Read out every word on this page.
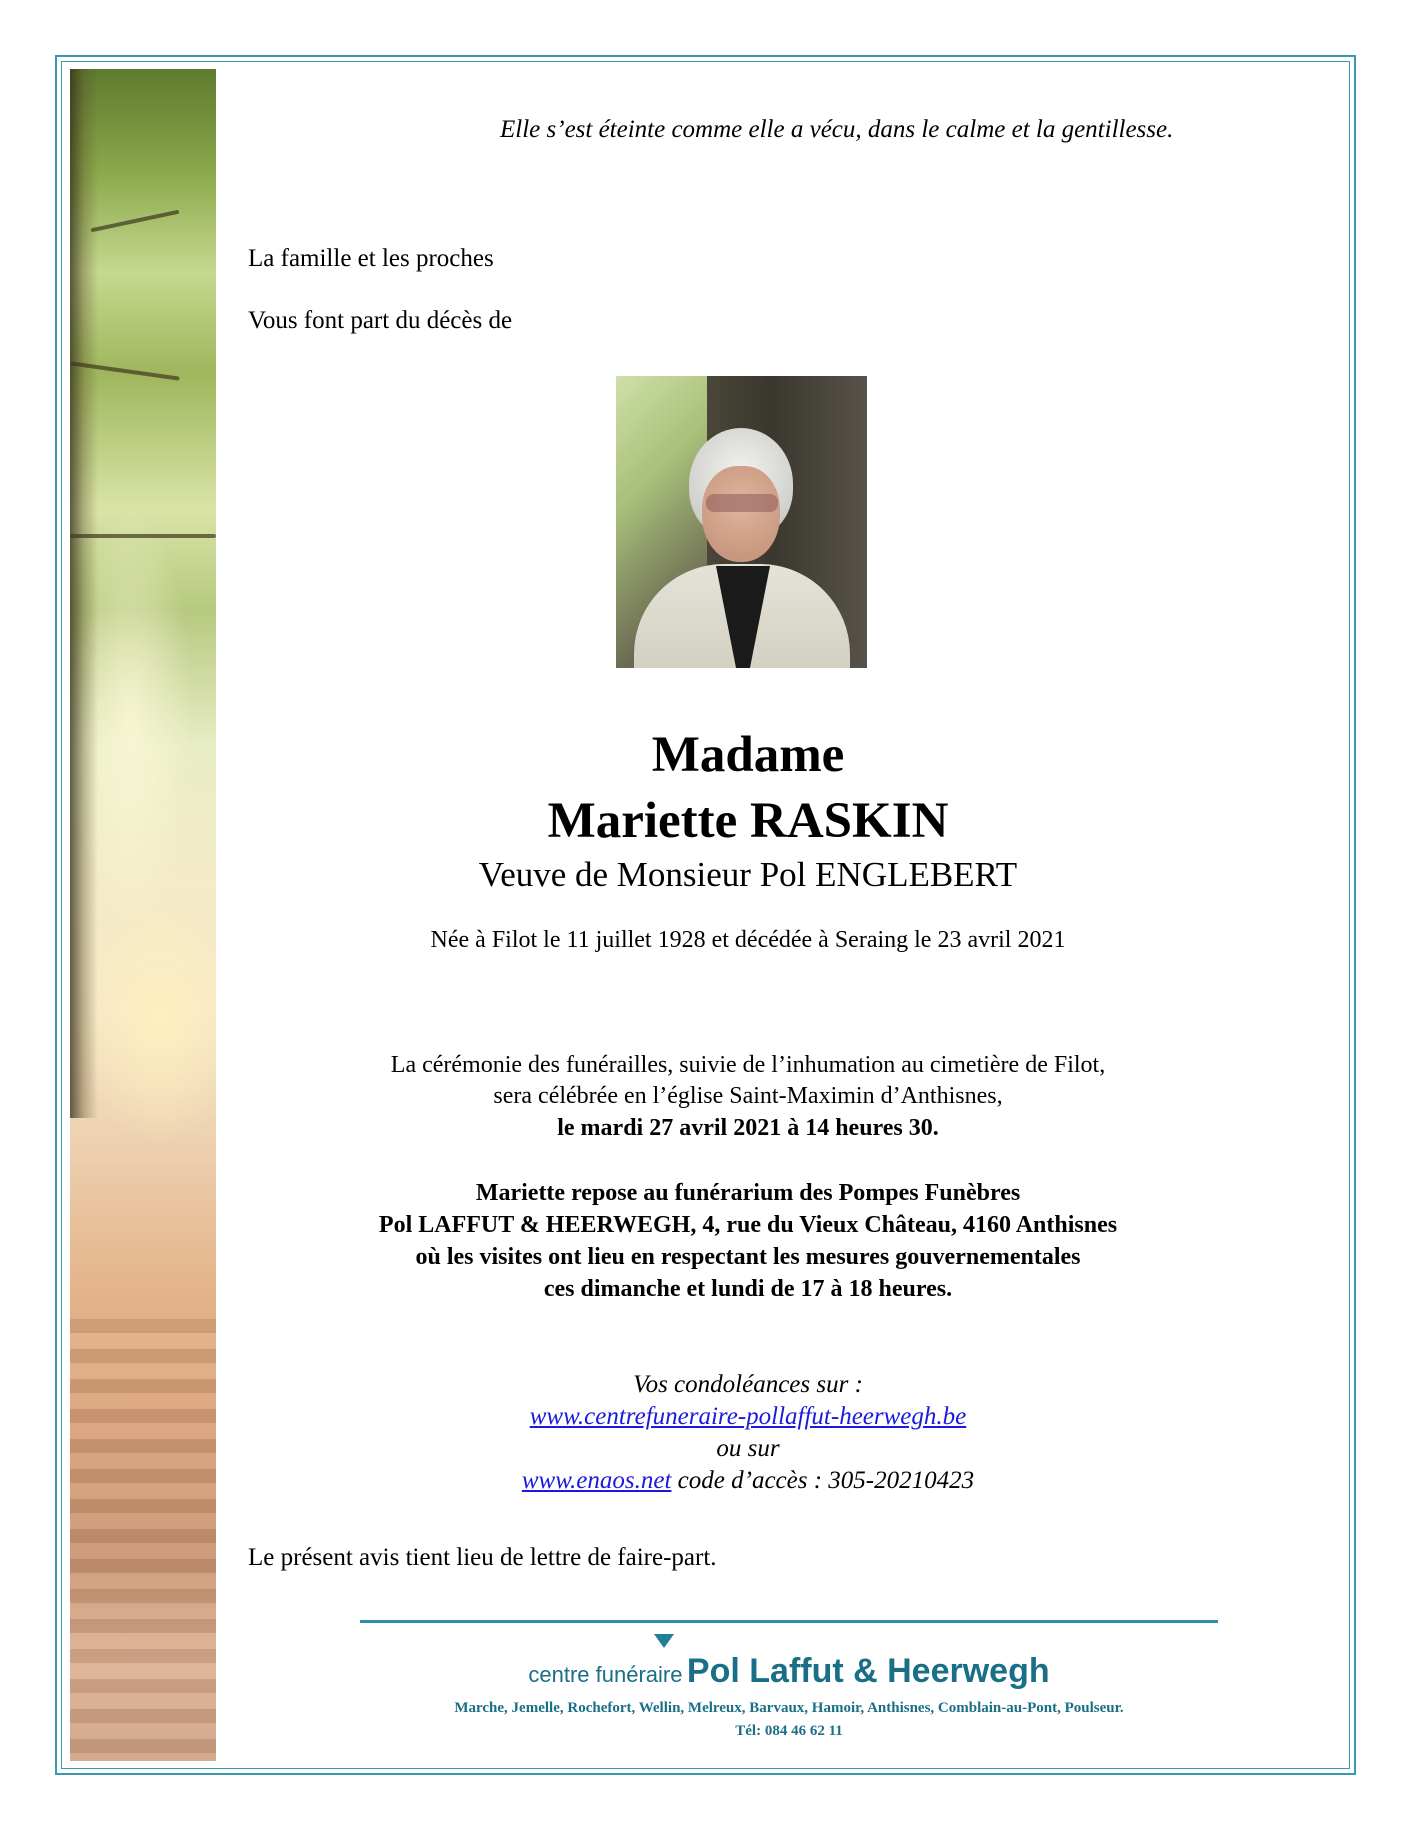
Elle s’est éteinte comme elle a vécu, dans le calme et la gentillesse.
La famille et les proches
Vous font part du décès de
Madame
Mariette RASKIN
Veuve de Monsieur Pol ENGLEBERT
Née à Filot le 11 juillet 1928 et décédée à Seraing le 23 avril 2021
La cérémonie des funérailles, suivie de l’inhumation au cimetière de Filot,
sera célébrée en l’église Saint-Maximin d’Anthisnes,
le mardi 27 avril 2021 à 14 heures 30.
Mariette repose au funérarium des Pompes Funèbres
Pol LAFFUT & HEERWEGH, 4, rue du Vieux Château, 4160 Anthisnes
où les visites ont lieu en respectant les mesures gouvernementales
ces dimanche et lundi de 17 à 18 heures.
Vos condoléances sur :
www.centrefuneraire-pollaffut-heerwegh.be
ou sur
www.enaos.net code d’accès : 305-20210423
Le présent avis tient lieu de lettre de faire-part.
centre funéraire Pol Laffut & Heerwegh
Marche, Jemelle, Rochefort, Wellin, Melreux, Barvaux, Hamoir, Anthisnes, Comblain-au-Pont, Poulseur.
Tél: 084 46 62 11
